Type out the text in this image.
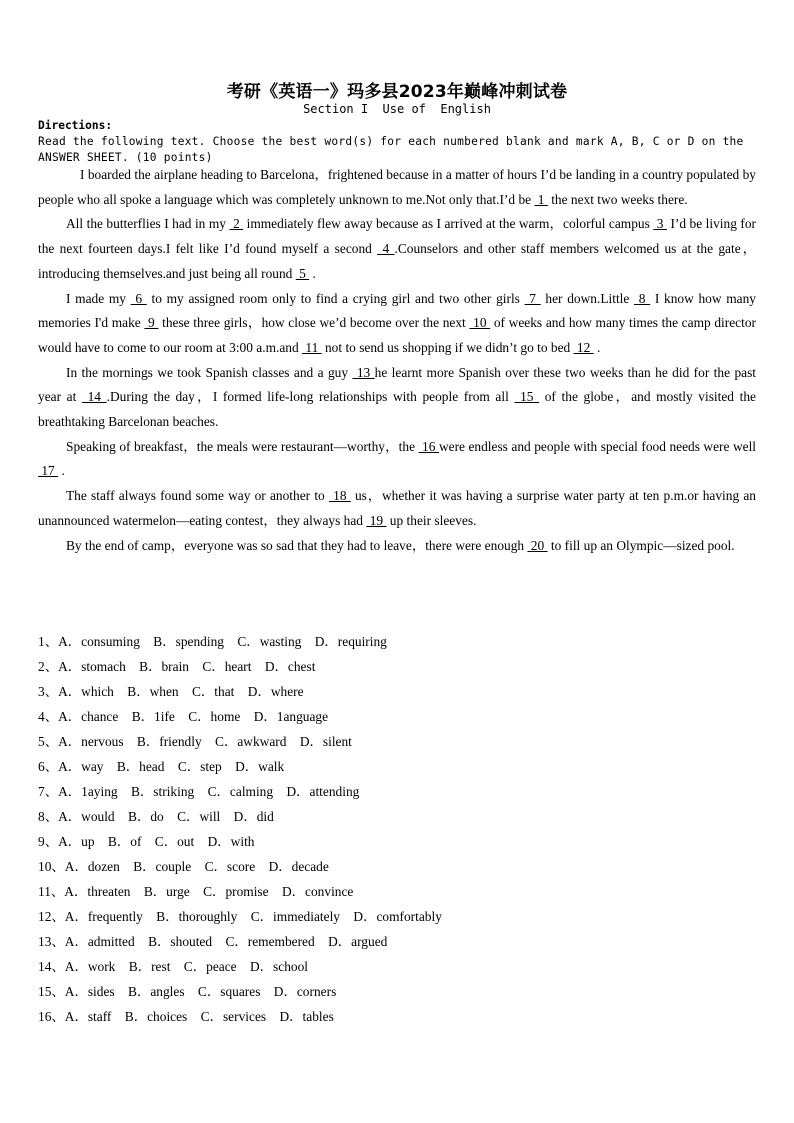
考研《英语一》玛多县2023年巅峰冲刺试卷
Section I  Use of  English
Directions:
Read the following text. Choose the best word(s) for each numbered blank and mark A, B, C or D on the ANSWER SHEET. (10 points)

I boarded the airplane heading to Barcelona，frightened because in a matter of hours I’d be landing in a country populated by people who all spoke a language which was completely unknown to me.Not only that.I’d be  1  the next two weeks there.

All the butterflies I had in my  2  immediately flew away because as I arrived at the warm，colorful campus  3  I’d be living for the next fourteen days.I felt like I’d found myself a second  4 .Counselors and other staff members welcomed us at the gate，introducing themselves.and just being all round  5  .

I made my  6  to my assigned room only to find a crying girl and two other girls  7  her down.Little  8  I know how many memories I'd make  9  these three girls，how close we’d become over the next  10  of weeks and how many times the camp director would have to come to our room at 3:00 a.m.and  11  not to send us shopping if we didn’t go to bed  12  .

In the mornings we took Spanish classes and a guy  13 he learnt more Spanish over these two weeks than he did for the past year at  14 .During the day，I formed life-long relationships with people from all  15  of the globe，and mostly visited the breathtaking Barcelonan beaches.

Speaking of breakfast，the meals were restaurant—worthy，the  16 were endless and people with special food needs were well  17  .

The staff always found some way or another to  18  us，whether it was having a surprise water party at ten p.m.or having an unannounced watermelon—eating contest，they always had  19  up their sleeves.

By the end of camp，everyone was so sad that they had to leave，there were enough  20  to fill up an Olympic—sized pool.

1、A．consuming    B．spending    C．wasting    D．requiring
2、A．stomach    B．brain    C．heart    D．chest
3、A．which    B．when    C．that    D．where
4、A．chance    B．1ife    C．home    D．1anguage
5、A．nervous    B．friendly    C．awkward    D．silent
6、A．way    B．head    C．step    D．walk
7、A．1aying    B．striking    C．calming    D．attending
8、A．would    B．do    C．will    D．did
9、A．up    B．of    C．out    D．with
10、A．dozen    B．couple    C．score    D．decade
11、A．threaten    B．urge    C．promise    D．convince
12、A．frequently    B．thoroughly    C．immediately    D．comfortably
13、A．admitted    B．shouted    C．remembered    D．argued
14、A．work    B．rest    C．peace    D．school
15、A．sides    B．angles    C．squares    D．corners
16、A．staff    B．choices    C．services    D．tables
